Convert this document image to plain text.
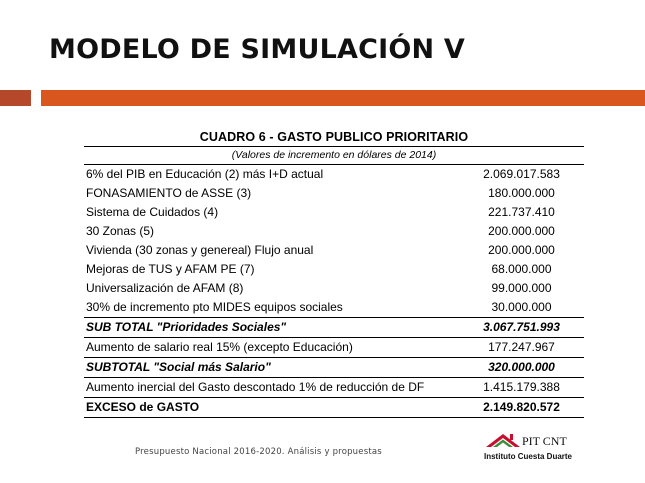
MODELO DE SIMULACIÓN V
CUADRO 6 - GASTO PUBLICO PRIORITARIO
(Valores de incremento en dólares de 2014)
6% del PIB en Educación (2) más I+D actual	2.069.017.583
FONASAMIENTO de ASSE (3)	180.000.000
Sistema de Cuidados (4)	221.737.410
30 Zonas (5)	200.000.000
Vivienda (30 zonas y genereal) Flujo anual	200.000.000
Mejoras de TUS y AFAM PE (7)	68.000.000
Universalización de AFAM (8)	99.000.000
30% de incremento pto MIDES equipos sociales	30.000.000
SUB TOTAL "Prioridades Sociales"	3.067.751.993
Aumento de salario real 15% (excepto Educación)	177.247.967
SUBTOTAL "Social más Salario"	320.000.000
Aumento inercial del Gasto descontado 1% de reducción de DF	1.415.179.388
EXCESO de GASTO	2.149.820.572
Presupuesto Nacional 2016-2020. Análisis y propuestas
PIT CNT
Instituto Cuesta Duarte
